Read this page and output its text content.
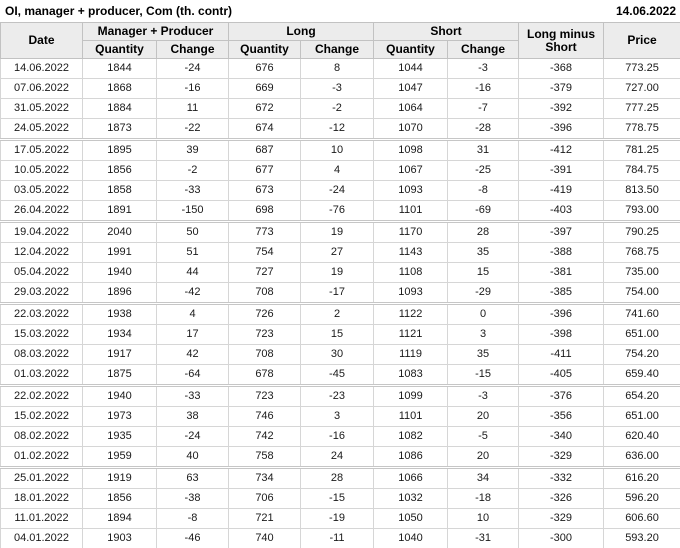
OI, manager + producer, Com (th. contr)	14.06.2022
Date	Manager + Producer		Long		Short		Long minus Short	Price
	Quantity	Change	Quantity	Change	Quantity	Change		
14.06.2022	1844	-24	676	8	1044	-3	-368	773.25
07.06.2022	1868	-16	669	-3	1047	-16	-379	727.00
31.05.2022	1884	11	672	-2	1064	-7	-392	777.25
24.05.2022	1873	-22	674	-12	1070	-28	-396	778.75
17.05.2022	1895	39	687	10	1098	31	-412	781.25
10.05.2022	1856	-2	677	4	1067	-25	-391	784.75
03.05.2022	1858	-33	673	-24	1093	-8	-419	813.50
26.04.2022	1891	-150	698	-76	1101	-69	-403	793.00
19.04.2022	2040	50	773	19	1170	28	-397	790.25
12.04.2022	1991	51	754	27	1143	35	-388	768.75
05.04.2022	1940	44	727	19	1108	15	-381	735.00
29.03.2022	1896	-42	708	-17	1093	-29	-385	754.00
22.03.2022	1938	4	726	2	1122	0	-396	741.60
15.03.2022	1934	17	723	15	1121	3	-398	651.00
08.03.2022	1917	42	708	30	1119	35	-411	754.20
01.03.2022	1875	-64	678	-45	1083	-15	-405	659.40
22.02.2022	1940	-33	723	-23	1099	-3	-376	654.20
15.02.2022	1973	38	746	3	1101	20	-356	651.00
08.02.2022	1935	-24	742	-16	1082	-5	-340	620.40
01.02.2022	1959	40	758	24	1086	20	-329	636.00
25.01.2022	1919	63	734	28	1066	34	-332	616.20
18.01.2022	1856	-38	706	-15	1032	-18	-326	596.20
11.01.2022	1894	-8	721	-19	1050	10	-329	606.60
04.01.2022	1903	-46	740	-11	1040	-31	-300	593.20
